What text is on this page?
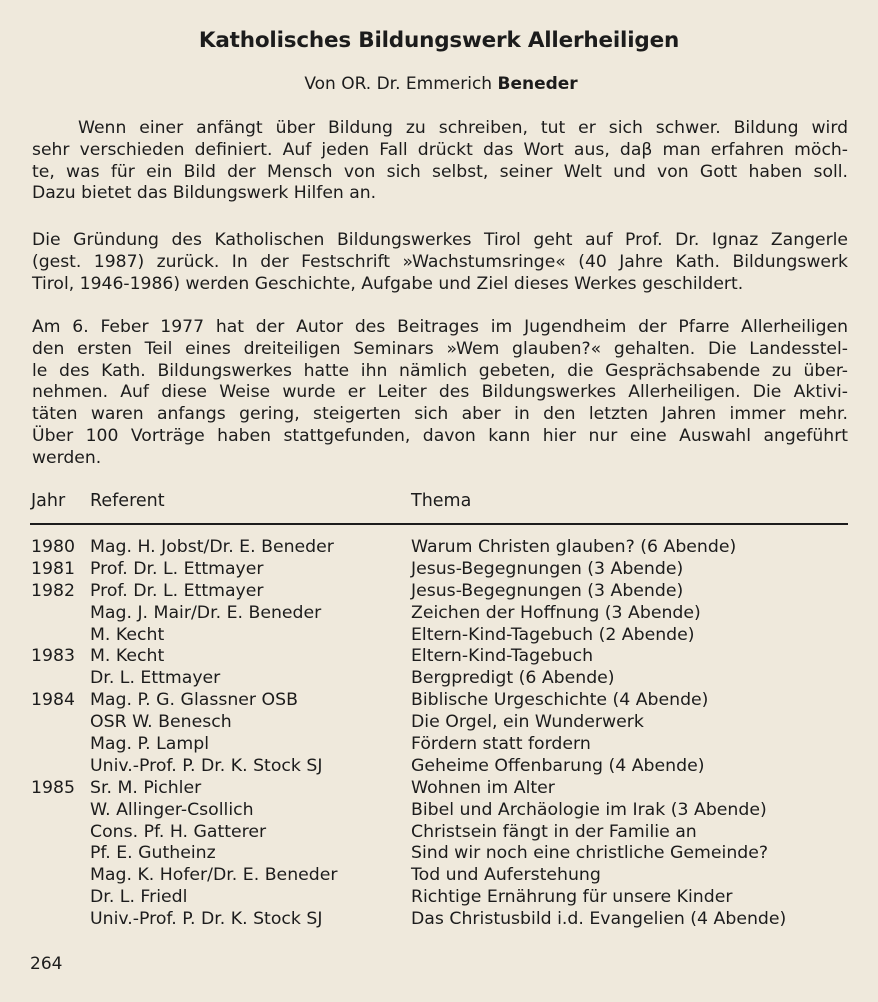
Katholisches Bildungswerk Allerheiligen
Von OR. Dr. Emmerich Beneder
Wenn einer anfängt über Bildung zu schreiben, tut er sich schwer. Bildung wird
sehr verschieden definiert. Auf jeden Fall drückt das Wort aus, daβ man erfahren möch-
te, was für ein Bild der Mensch von sich selbst, seiner Welt und von Gott haben soll.
Dazu bietet das Bildungswerk Hilfen an.
Die Gründung des Katholischen Bildungswerkes Tirol geht auf Prof. Dr. Ignaz Zangerle
(gest. 1987) zurück. In der Festschrift »Wachstumsringe« (40 Jahre Kath. Bildungswerk
Tirol, 1946-1986) werden Geschichte, Aufgabe und Ziel dieses Werkes geschildert.
Am 6. Feber 1977 hat der Autor des Beitrages im Jugendheim der Pfarre Allerheiligen
den ersten Teil eines dreiteiligen Seminars »Wem glauben?« gehalten. Die Landesstel-
le des Kath. Bildungswerkes hatte ihn nämlich gebeten, die Gesprächsabende zu über-
nehmen. Auf diese Weise wurde er Leiter des Bildungswerkes Allerheiligen. Die Aktivi-
täten waren anfangs gering, steigerten sich aber in den letzten Jahren immer mehr.
Über 100 Vorträge haben stattgefunden, davon kann hier nur eine Auswahl angeführt
werden.
Jahr Referent	Thema
1980 Mag. H. Jobst/Dr. E. Beneder	Warum Christen glauben? (6 Abende)
1981 Prof. Dr. L. Ettmayer	Jesus-Begegnungen (3 Abende)
1982 Prof. Dr. L. Ettmayer	Jesus-Begegnungen (3 Abende)
Mag. J. Mair/Dr. E. Beneder	Zeichen der Hoffnung (3 Abende)
M. Kecht	Eltern-Kind-Tagebuch (2 Abende)
1983 M. Kecht	Eltern-Kind-Tagebuch
Dr. L. Ettmayer	Bergpredigt (6 Abende)
1984 Mag. P. G. Glassner OSB	Biblische Urgeschichte (4 Abende)
OSR W. Benesch	Die Orgel, ein Wunderwerk
Mag. P. Lampl	Fördern statt fordern
Univ.-Prof. P. Dr. K. Stock SJ	Geheime Offenbarung (4 Abende)
1985 Sr. M. Pichler	Wohnen im Alter
W. Allinger-Csollich	Bibel und Archäologie im Irak (3 Abende)
Cons. Pf. H. Gatterer	Christsein fängt in der Familie an
Pf. E. Gutheinz	Sind wir noch eine christliche Gemeinde?
Mag. K. Hofer/Dr. E. Beneder	Tod und Auferstehung
Dr. L. Friedl	Richtige Ernährung für unsere Kinder
Univ.-Prof. P. Dr. K. Stock SJ	Das Christusbild i.d. Evangelien (4 Abende)
264
